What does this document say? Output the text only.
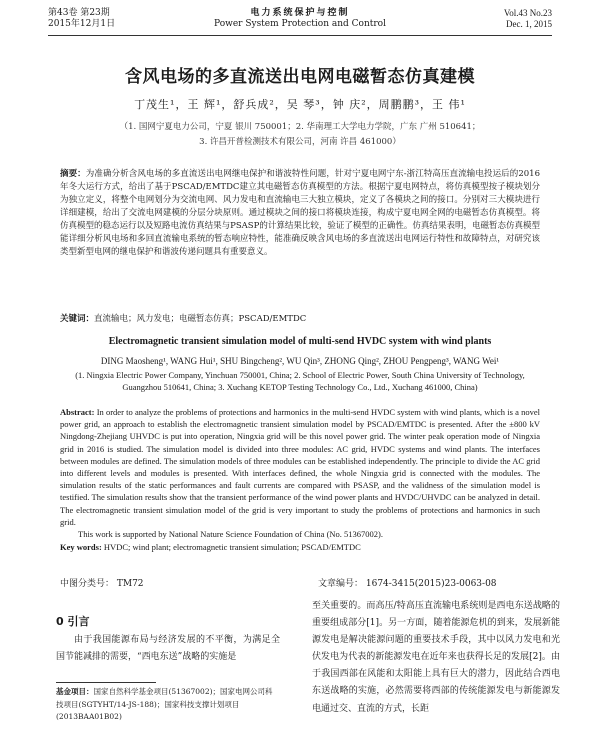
第43卷 第23期
2015年12月1日
电力系统保护与控制
Power System Protection and Control
Vol.43 No.23
Dec. 1, 2015
含风电场的多直流送出电网电磁暂态仿真建模
丁茂生¹，王 辉¹，舒兵成²，吴 琴³，钟 庆²，周鹏鹏³，王 伟¹
（1. 国网宁夏电力公司，宁夏 银川 750001；2. 华南理工大学电力学院，广东 广州 510641；
3. 许昌开普检测技术有限公司，河南 许昌 461000）

摘要：为准确分析含风电场的多直流送出电网继电保护和谐波特性问题，针对宁夏电网宁东-浙江特高压直流输电投运后的2016年冬大运行方式，给出了基于PSCAD/EMTDC建立其电磁暂态仿真模型的方法。根据宁夏电网特点，将仿真模型按子模块划分为独立定义，将整个电网划分为交流电网、风力发电和直流输电三大独立模块，定义了各模块之间的接口。分别对三大模块进行详细建模，给出了交流电网建模的分层分块原则。通过模块之间的接口将模块连接，构成宁夏电网全网的电磁暂态仿真模型。将仿真模型的稳态运行以及短路电流仿真结果与PSASP的计算结果比较，验证了模型的正确性。仿真结果表明，电磁暂态仿真模型能详细分析风电场和多回直流输电系统的暂态响应特性，能准确反映含风电场的多直流送出电网运行特性和故障特点，对研究该类型新型电网的继电保护和谐波传递问题具有重要意义。

关键词：直流输电；风力发电；电磁暂态仿真；PSCAD/EMTDC

Electromagnetic transient simulation model of multi-send HVDC system with wind plants
DING Maosheng¹, WANG Hui¹, SHU Bingcheng², WU Qin³, ZHONG Qing², ZHOU Pengpeng³, WANG Wei¹
(1. Ningxia Electric Power Company, Yinchuan 750001, China; 2. School of Electric Power, South China University of Technology, Guangzhou 510641, China; 3. Xuchang KETOP Testing Technology Co., Ltd., Xuchang 461000, China)

Abstract: In order to analyze the problems of protections and harmonics in the multi-send HVDC system with wind plants, which is a novel power grid, an approach to establish the electromagnetic transient simulation model by PSCAD/EMTDC is presented. After the ±800 kV Ningdong-Zhejiang UHVDC is put into operation, Ningxia grid will be this novel power grid. The winter peak operation mode of Ningxia grid in 2016 is studied. The simulation model is divided into three modules: AC grid, HVDC systems and wind plants. The interfaces between modules are defined. The simulation models of three modules can be established independently. The principle to divide the AC grid into different levels and modules is presented. With interfaces defined, the whole Ningxia grid is connected with the modules. The simulation results of the static performances and fault currents are compared with PSASP, and the validness of the simulation model is testified. The simulation results show that the transient performance of the wind power plants and HVDC/UHVDC can be analyzed in detail. The electromagnetic transient simulation model of the grid is very important to study the problems of protections and harmonics in such grid.

This work is supported by National Nature Science Foundation of China (No. 51367002).

Key words: HVDC; wind plant; electromagnetic transient simulation; PSCAD/EMTDC

中图分类号： TM72	文章编号： 1674-3415(2015)23-0063-08
0 引言

由于我国能源布局与经济发展的不平衡，为满足全国节能减排的需要，“西电东送”战略的实施是

基金项目：国家自然科学基金项目(51367002)；国家电网公司科技项目(SGTYHT/14-JS-188)；国家科技支撑计划项目(2013BAA01B02)

至关重要的。而高压/特高压直流输电系统则是西电东送战略的重要组成部分[1]。另一方面，随着能源危机的到来，发展新能源发电是解决能源问题的重要技术手段，其中以风力发电和光伏发电为代表的新能源发电在近年来也获得长足的发展[2]。由于我国西部在风能和太阳能上具有巨大的潜力，因此结合西电东送战略的实施，必然需要将西部的传统能源发电与新能源发电通过交、直流的方式，长距
